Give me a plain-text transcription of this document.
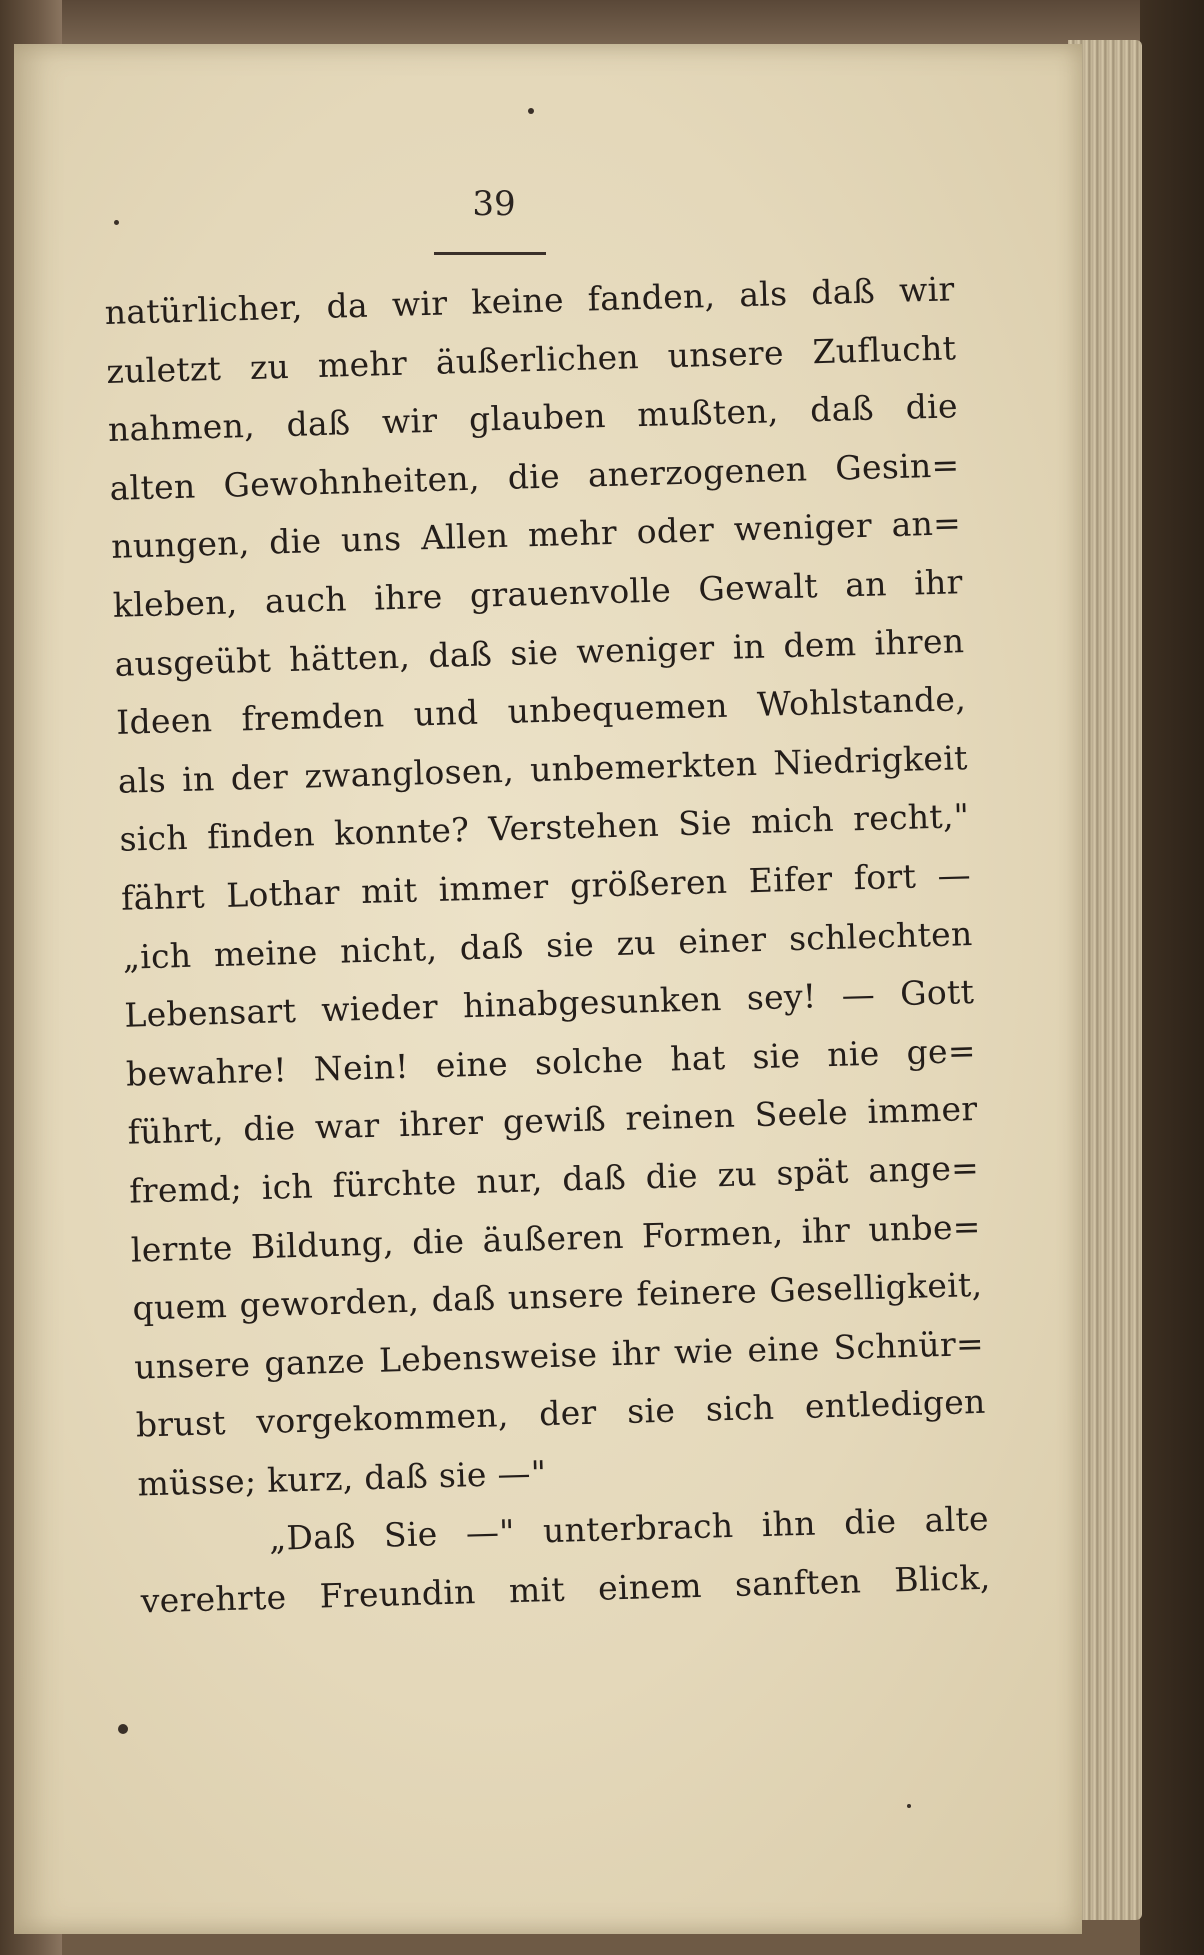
39
natürlicher, da wir keine fanden, als daß wir
zuletzt zu mehr äußerlichen unsere Zuflucht
nahmen, daß wir glauben mußten, daß die
alten Gewohnheiten, die anerzogenen Gesin=
nungen, die uns Allen mehr oder weniger an=
kleben, auch ihre grauenvolle Gewalt an ihr
ausgeübt hätten, daß sie weniger in dem ihren
Ideen fremden und unbequemen Wohlstande,
als in der zwanglosen, unbemerkten Niedrigkeit
sich finden konnte? Verstehen Sie mich recht,"
fährt Lothar mit immer größeren Eifer fort —
„ich meine nicht, daß sie zu einer schlechten
Lebensart wieder hinabgesunken sey! — Gott
bewahre! Nein! eine solche hat sie nie ge=
führt, die war ihrer gewiß reinen Seele immer
fremd; ich fürchte nur, daß die zu spät ange=
lernte Bildung, die äußeren Formen, ihr unbe=
quem geworden, daß unsere feinere Geselligkeit,
unsere ganze Lebensweise ihr wie eine Schnür=
brust vorgekommen, der sie sich entledigen
müsse; kurz, daß sie —"
„Daß Sie —" unterbrach ihn die alte
verehrte Freundin mit einem sanften Blick,
